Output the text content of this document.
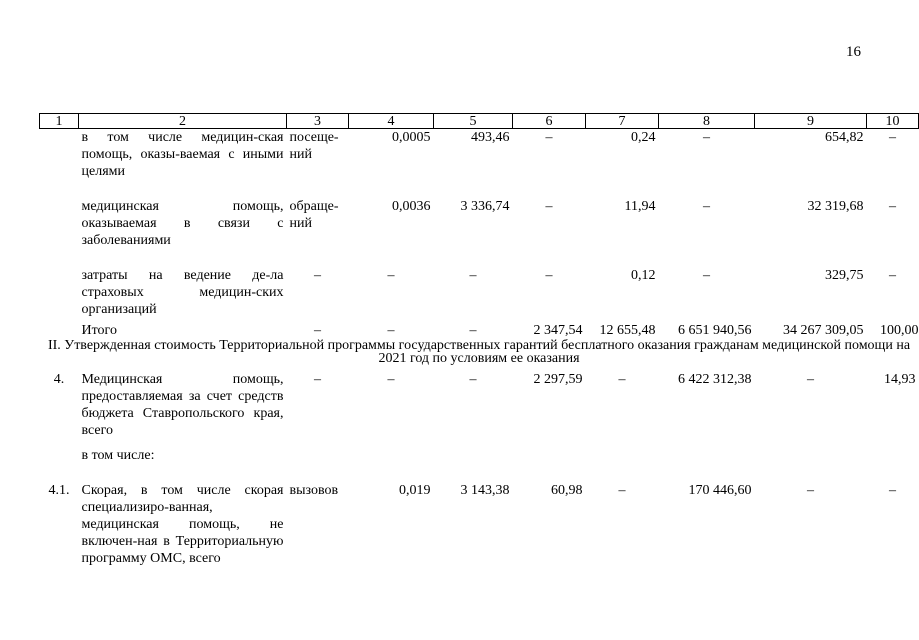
16
1	2	3	4	5	6	7	8	9	10
	в том числе медицин-ская помощь, оказы-ваемая с иными целями	посеще-ний	0,0005	493,46	–	0,24	–	654,82	–

	медицинская помощь, оказываемая в связи с заболеваниями	обраще-ний	0,0036	3 336,74	–	11,94	–	32 319,68	–

	затраты на ведение де-ла страховых медицин-ских организаций	–	–	–	–	0,12	–	329,75	–

	Итого	–	–	–	2 347,54	12 655,48	6 651 940,56	34 267 309,05	100,00
II. Утвержденная стоимость Территориальной программы государственных гарантий бесплатного оказания гражданам медицинской помощи на 2021 год по условиям ее оказания									

4.	Медицинская помощь, предоставляемая за счет средств бюджета Ставропольского края, всего	–	–	–	2 297,59	–	6 422 312,38	–	14,93

	в том числе:								

4.1.	Скорая, в том числе скорая специализиро-ванная, медицинская помощь, не включен-ная в Территориальную программу ОМС, всего	вызовов	0,019	3 143,38	60,98	–	170 446,60	–	–
